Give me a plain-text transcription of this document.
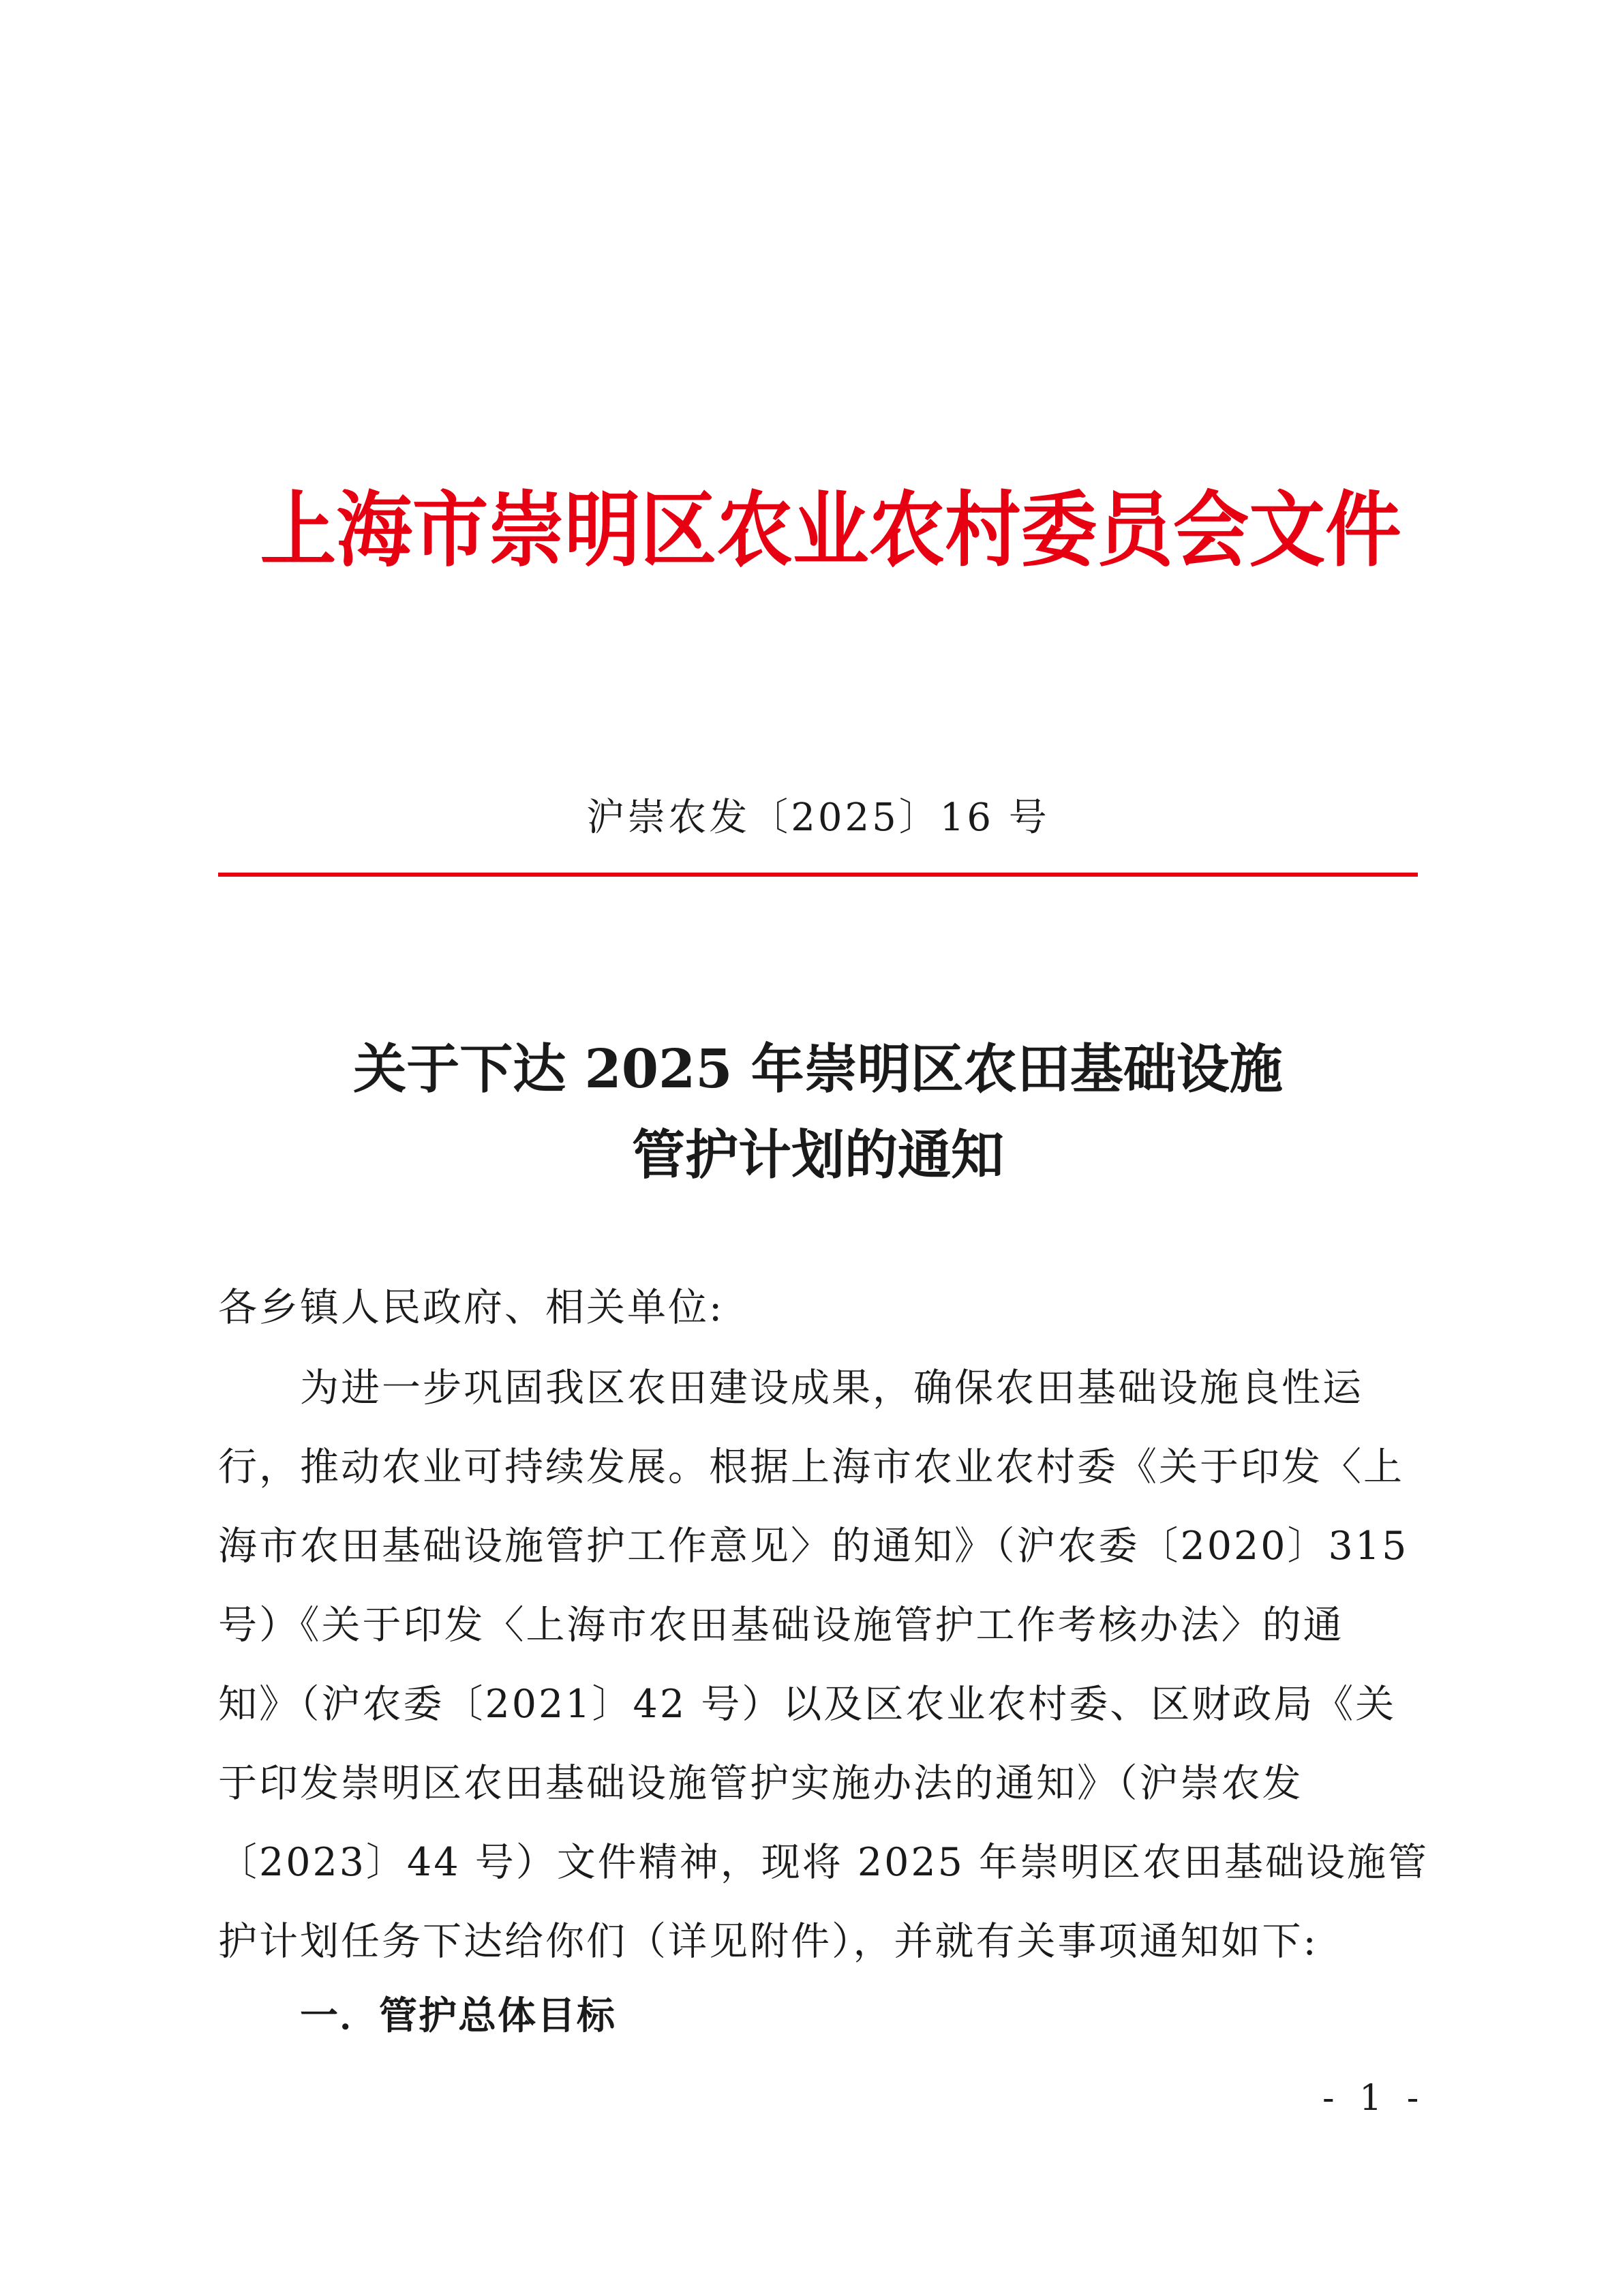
上海市崇明区农业农村委员会文件
沪崇农发〔2025〕16 号
关于下达 2025 年崇明区农田基础设施
管护计划的通知
各乡镇人民政府、相关单位:
　　为进一步巩固我区农田建设成果，确保农田基础设施良性运
行，推动农业可持续发展。根据上海市农业农村委《关于印发〈上
海市农田基础设施管护工作意见〉的通知》（沪农委〔2020〕315
号）《关于印发〈上海市农田基础设施管护工作考核办法〉的通
知》（沪农委〔2021〕42 号）以及区农业农村委、区财政局《关
于印发崇明区农田基础设施管护实施办法的通知》（沪崇农发
〔2023〕44 号）文件精神，现将 2025 年崇明区农田基础设施管
护计划任务下达给你们（详见附件），并就有关事项通知如下:
一．管护总体目标
- 1 -
